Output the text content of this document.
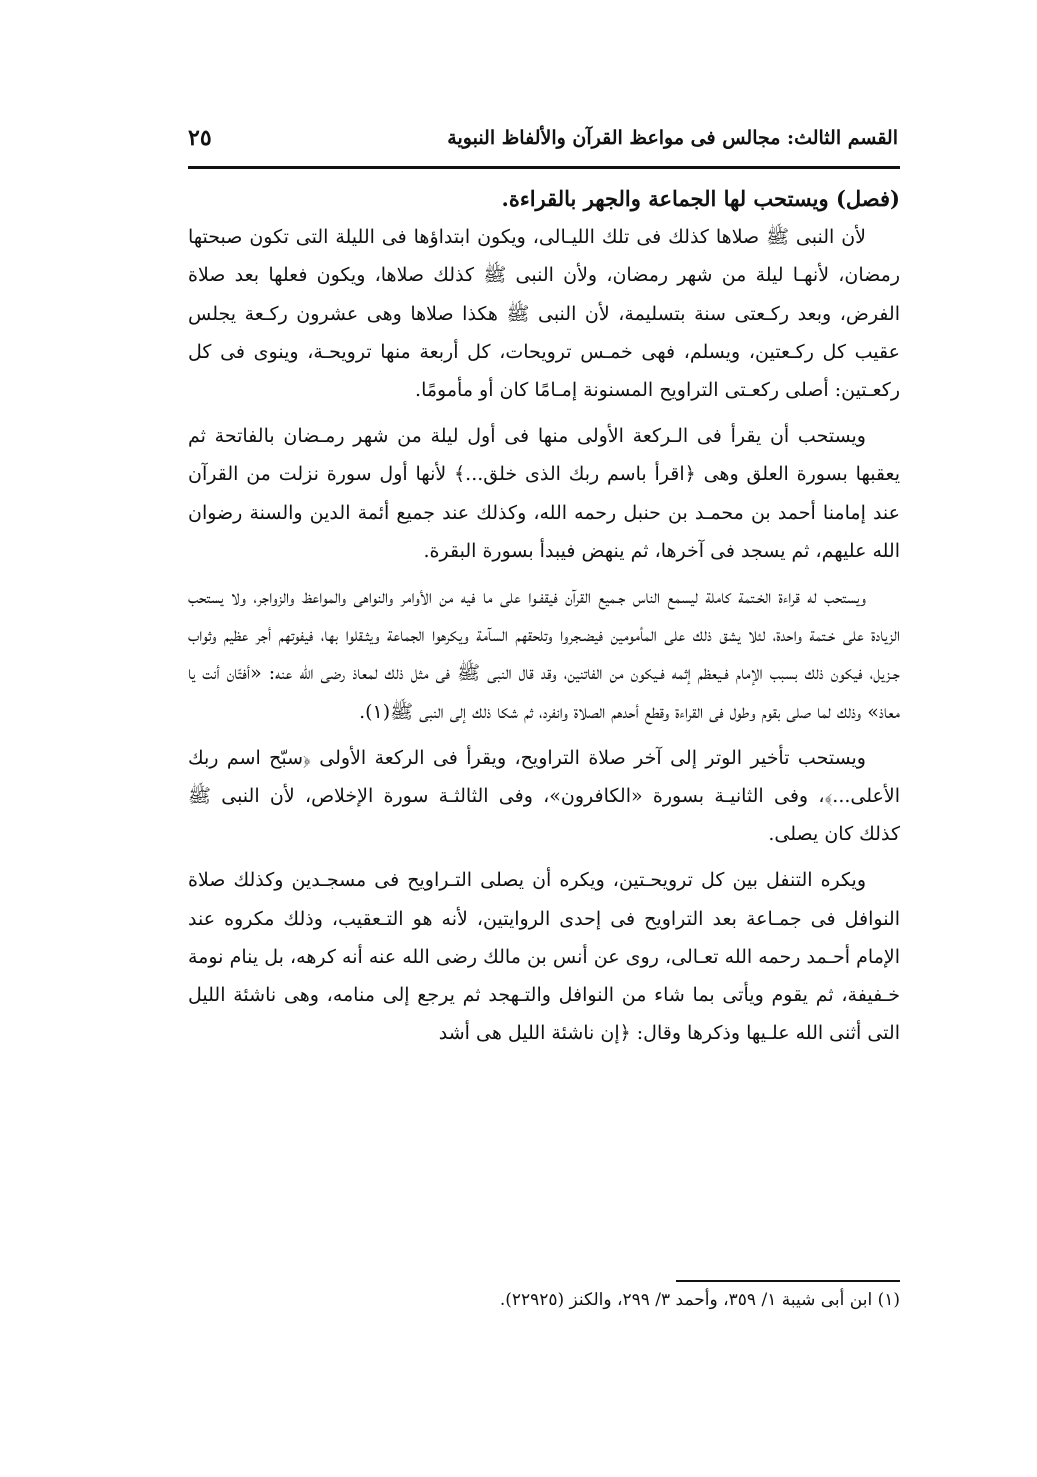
٢٥	القسم الثالث: مجالس فى مواعظ القرآن والألفاظ النبوية

(فصل) ويستحب لها الجماعة والجهر بالقراءة.

لأن النبى ﷺ صلاها كذلك فى تلك الليـالى، ويكون ابتداؤها فى الليلة التى تكون صبحتها رمضان، لأنهـا ليلة من شهر رمضان، ولأن النبى ﷺ كذلك صلاها، ويكون فعلها بعد صلاة الفرض، وبعد ركـعتى سنة بتسليمة، لأن النبى ﷺ هكذا صلاها وهى عشرون ركـعة يجلس عقيب كل ركـعتين، ويسلم، فهى خمـس ترويحات، كل أربعة منها ترويحـة، وينوى فى كل ركعـتين: أصلى ركعـتى التراويح المسنونة إمـامًا كان أو مأمومًا.

ويستحب أن يقرأ فى الـركعة الأولى منها فى أول ليلة من شهر رمـضان بالفاتحة ثم يعقبها بسورة العلق وهى ﴿اقرأ باسم ربك الذى خلق...﴾ لأنها أول سورة نزلت من القرآن عند إمامنا أحمد بن محمـد بن حنبل رحمه الله، وكذلك عند جميع أئمة الدين والسنة رضوان الله عليهم، ثم يسجد فى آخرها، ثم ينهض فيبدأ بسورة البقرة.

ويستحب له قراءة الخـتمة كاملة ليسمع الناس جـميع القرآن فيقفـوا على ما فيه من الأوامر والنواهى والمواعظ والزواجر، ولا يستحب الزيادة على خـتمة واحدة، لئلا يشق ذلك على المأمومين فيضـجروا وتلحقهم السآمة ويكرهوا الجماعة ويثـقلوا بها، فيفوتهم أجر عظيم وثواب جـزيل، فيكون ذلك بسبب الإمام فـيعظم إثمه فـيكون من الفاتنين، وقد قال النبى ﷺ فى مثل ذلك لمعاذ رضى الله عنه: «أفتّان أنت يا معاذ» وذلك لما صلى بقوم وطول فى القراءة وقطع أحدهم الصلاة وانفرد، ثم شكا ذلك إلى النبى ﷺ(١).

ويستحب تأخير الوتر إلى آخر صلاة التراويح، ويقرأ فى الركعة الأولى ﴿سبّح اسم ربك الأعلى...﴾، وفى الثانيـة بسورة «الكافرون»، وفى الثالثـة سورة الإخلاص، لأن النبى ﷺ كذلك كان يصلى.

ويكره التنفل بين كل ترويحـتين، ويكره أن يصلى التـراويح فى مسجـدين وكذلك صلاة النوافل فى جمـاعة بعد التراويح فى إحدى الروايتين، لأنه هو التـعقيب، وذلك مكروه عند الإمام أحـمد رحمه الله تعـالى، روى عن أنس بن مالك رضى الله عنه أنه كرهه، بل ينام نومة خـفيفة، ثم يقوم ويأتى بما شاء من النوافل والتـهجد ثم يرجع إلى منامه، وهى ناشئة الليل التى أثنى الله علـيها وذكرها وقال: ﴿إن ناشئة الليل هى أشد

(١) ابن أبى شيبة ١/ ٣٥٩، وأحمد ٣/ ٢٩٩، والكنز (٢٢٩٢٥).
